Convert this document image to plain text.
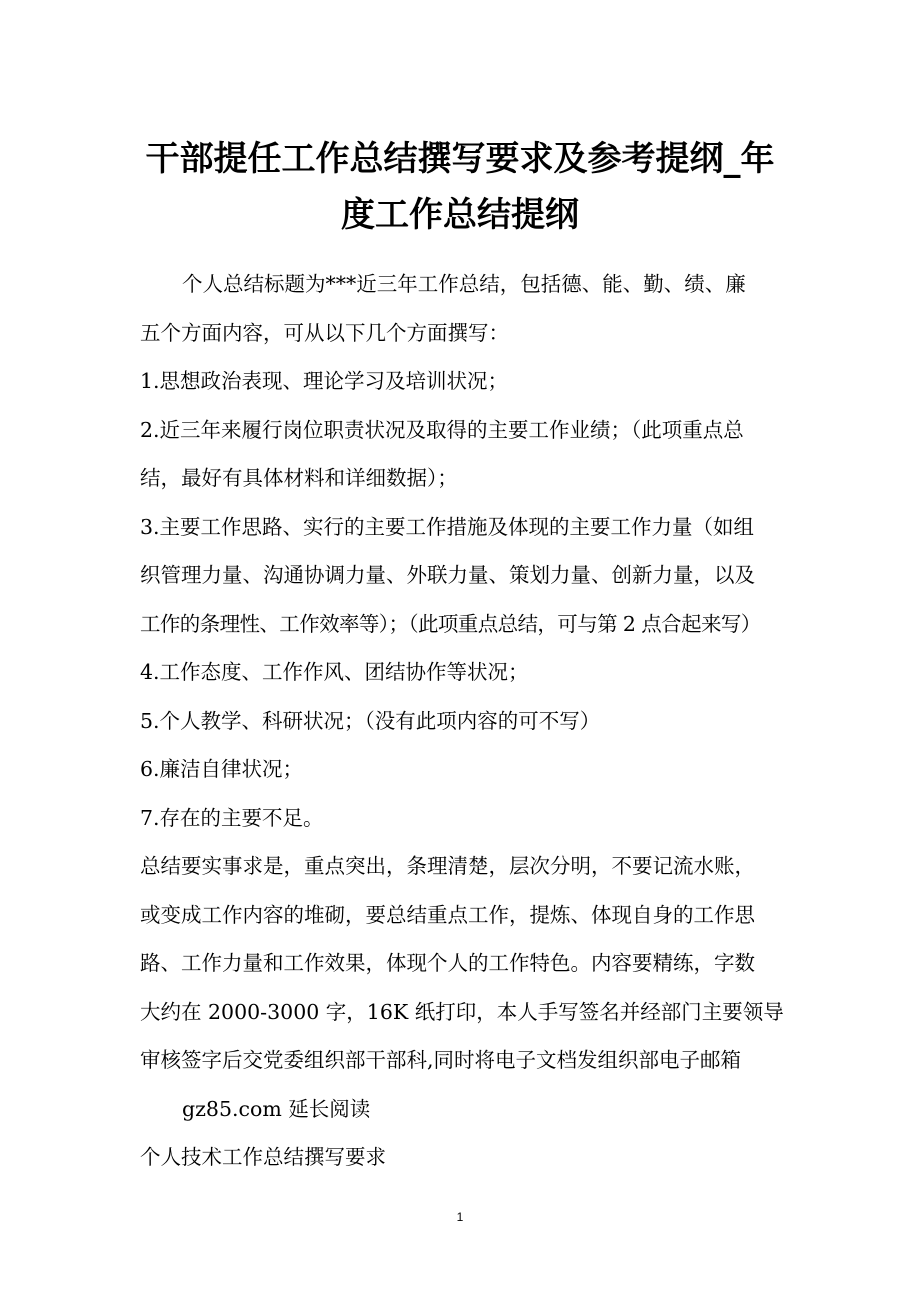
干部提任工作总结撰写要求及参考提纲_年
度工作总结提纲

个人总结标题为***近三年工作总结，包括德、能、勤、绩、廉

五个方面内容，可从以下几个方面撰写：

1.思想政治表现、理论学习及培训状况；

2.近三年来履行岗位职责状况及取得的主要工作业绩；（此项重点总

结，最好有具体材料和详细数据）；

3.主要工作思路、实行的主要工作措施及体现的主要工作力量（如组

织管理力量、沟通协调力量、外联力量、策划力量、创新力量，以及

工作的条理性、工作效率等）；（此项重点总结，可与第 2 点合起来写）

4.工作态度、工作作风、团结协作等状况；

5.个人教学、科研状况；（没有此项内容的可不写）

6.廉洁自律状况；

7.存在的主要不足。

总结要实事求是，重点突出，条理清楚，层次分明，不要记流水账，

或变成工作内容的堆砌，要总结重点工作，提炼、体现自身的工作思

路、工作力量和工作效果，体现个人的工作特色。内容要精练，字数

大约在 2000-3000 字，16K 纸打印，本人手写签名并经部门主要领导

审核签字后交党委组织部干部科,同时将电子文档发组织部电子邮箱

gz85.com 延长阅读

个人技术工作总结撰写要求

1
